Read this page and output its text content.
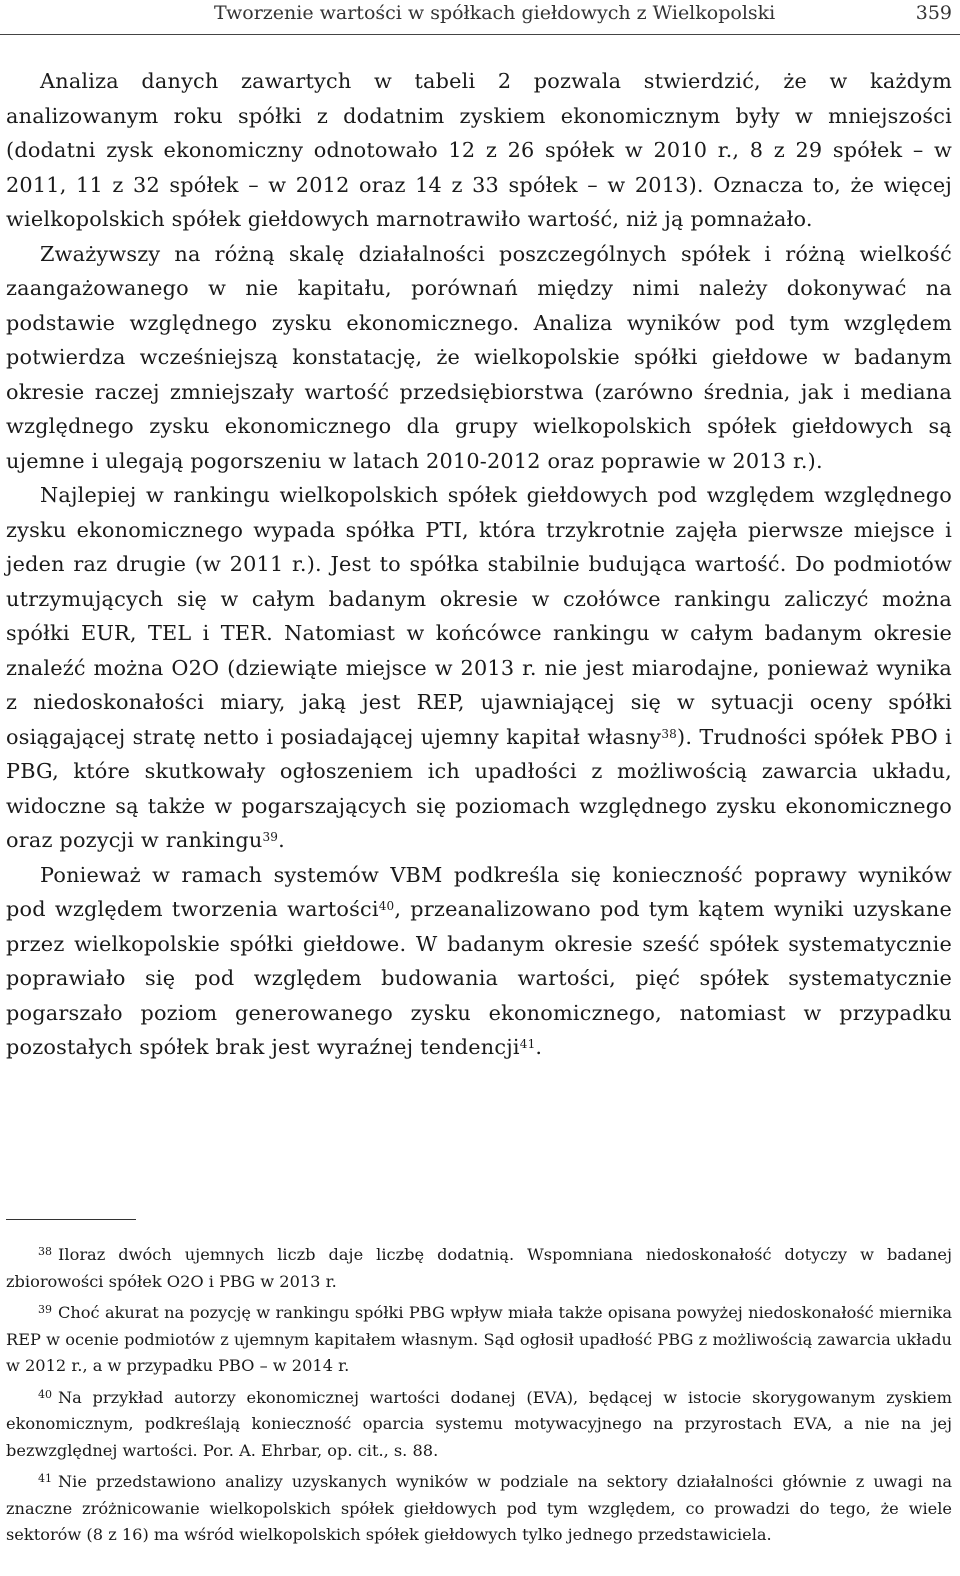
Tworzenie wartości w spółkach giełdowych z Wielkopolski	359

Analiza danych zawartych w tabeli 2 pozwala stwierdzić, że w każdym analizowanym roku spółki z dodatnim zyskiem ekonomicznym były w mniejszości (dodatni zysk ekonomiczny odnotowało 12 z 26 spółek w 2010 r., 8 z 29 spółek – w 2011, 11 z 32 spółek – w 2012 oraz 14 z 33 spółek – w 2013). Oznacza to, że więcej wielkopolskich spółek giełdowych marnotrawiło wartość, niż ją pomnażało.

Zważywszy na różną skalę działalności poszczególnych spółek i różną wielkość zaangażowanego w nie kapitału, porównań między nimi należy dokonywać na podstawie względnego zysku ekonomicznego. Analiza wyników pod tym względem potwierdza wcześniejszą konstatację, że wielkopolskie spółki giełdowe w badanym okresie raczej zmniejszały wartość przedsiębiorstwa (zarówno średnia, jak i mediana względnego zysku ekonomicznego dla grupy wielkopolskich spółek giełdowych są ujemne i ulegają pogorszeniu w latach 2010-2012 oraz poprawie w 2013 r.).

Najlepiej w rankingu wielkopolskich spółek giełdowych pod względem względnego zysku ekonomicznego wypada spółka PTI, która trzykrotnie zajęła pierwsze miejsce i jeden raz drugie (w 2011 r.). Jest to spółka stabilnie budująca wartość. Do podmiotów utrzymujących się w całym badanym okresie w czołówce rankingu zaliczyć można spółki EUR, TEL i TER. Natomiast w końcówce rankingu w całym badanym okresie znaleźć można O2O (dziewiąte miejsce w 2013 r. nie jest miarodajne, ponieważ wynika z niedoskonałości miary, jaką jest REP, ujawniającej się w sytuacji oceny spółki osiągającej stratę netto i posiadającej ujemny kapitał własny$^{38}$). Trudności spółek PBO i PBG, które skutkowały ogłoszeniem ich upadłości z możliwością zawarcia układu, widoczne są także w pogarszających się poziomach względnego zysku ekonomicznego oraz pozycji w rankingu$^{39}$.

Ponieważ w ramach systemów VBM podkreśla się konieczność poprawy wyników pod względem tworzenia wartości$^{40}$, przeanalizowano pod tym kątem wyniki uzyskane przez wielkopolskie spółki giełdowe. W badanym okresie sześć spółek systematycznie poprawiało się pod względem budowania wartości, pięć spółek systematycznie pogarszało poziom generowanego zysku ekonomicznego, natomiast w przypadku pozostałych spółek brak jest wyraźnej tendencji$^{41}$.

$^{38}$ Iloraz dwóch ujemnych liczb daje liczbę dodatnią. Wspomniana niedoskonałość dotyczy w badanej zbiorowości spółek O2O i PBG w 2013 r.

$^{39}$ Choć akurat na pozycję w rankingu spółki PBG wpływ miała także opisana powyżej niedoskonałość miernika REP w ocenie podmiotów z ujemnym kapitałem własnym. Sąd ogłosił upadłość PBG z możliwością zawarcia układu w 2012 r., a w przypadku PBO – w 2014 r.

$^{40}$ Na przykład autorzy ekonomicznej wartości dodanej (EVA), będącej w istocie skorygowanym zyskiem ekonomicznym, podkreślają konieczność oparcia systemu motywacyjnego na przyrostach EVA, a nie na jej bezwzględnej wartości. Por. A. Ehrbar, op. cit., s. 88.

$^{41}$ Nie przedstawiono analizy uzyskanych wyników w podziale na sektory działalności głównie z uwagi na znaczne zróżnicowanie wielkopolskich spółek giełdowych pod tym względem, co prowadzi do tego, że wiele sektorów (8 z 16) ma wśród wielkopolskich spółek giełdowych tylko jednego przedstawiciela.
